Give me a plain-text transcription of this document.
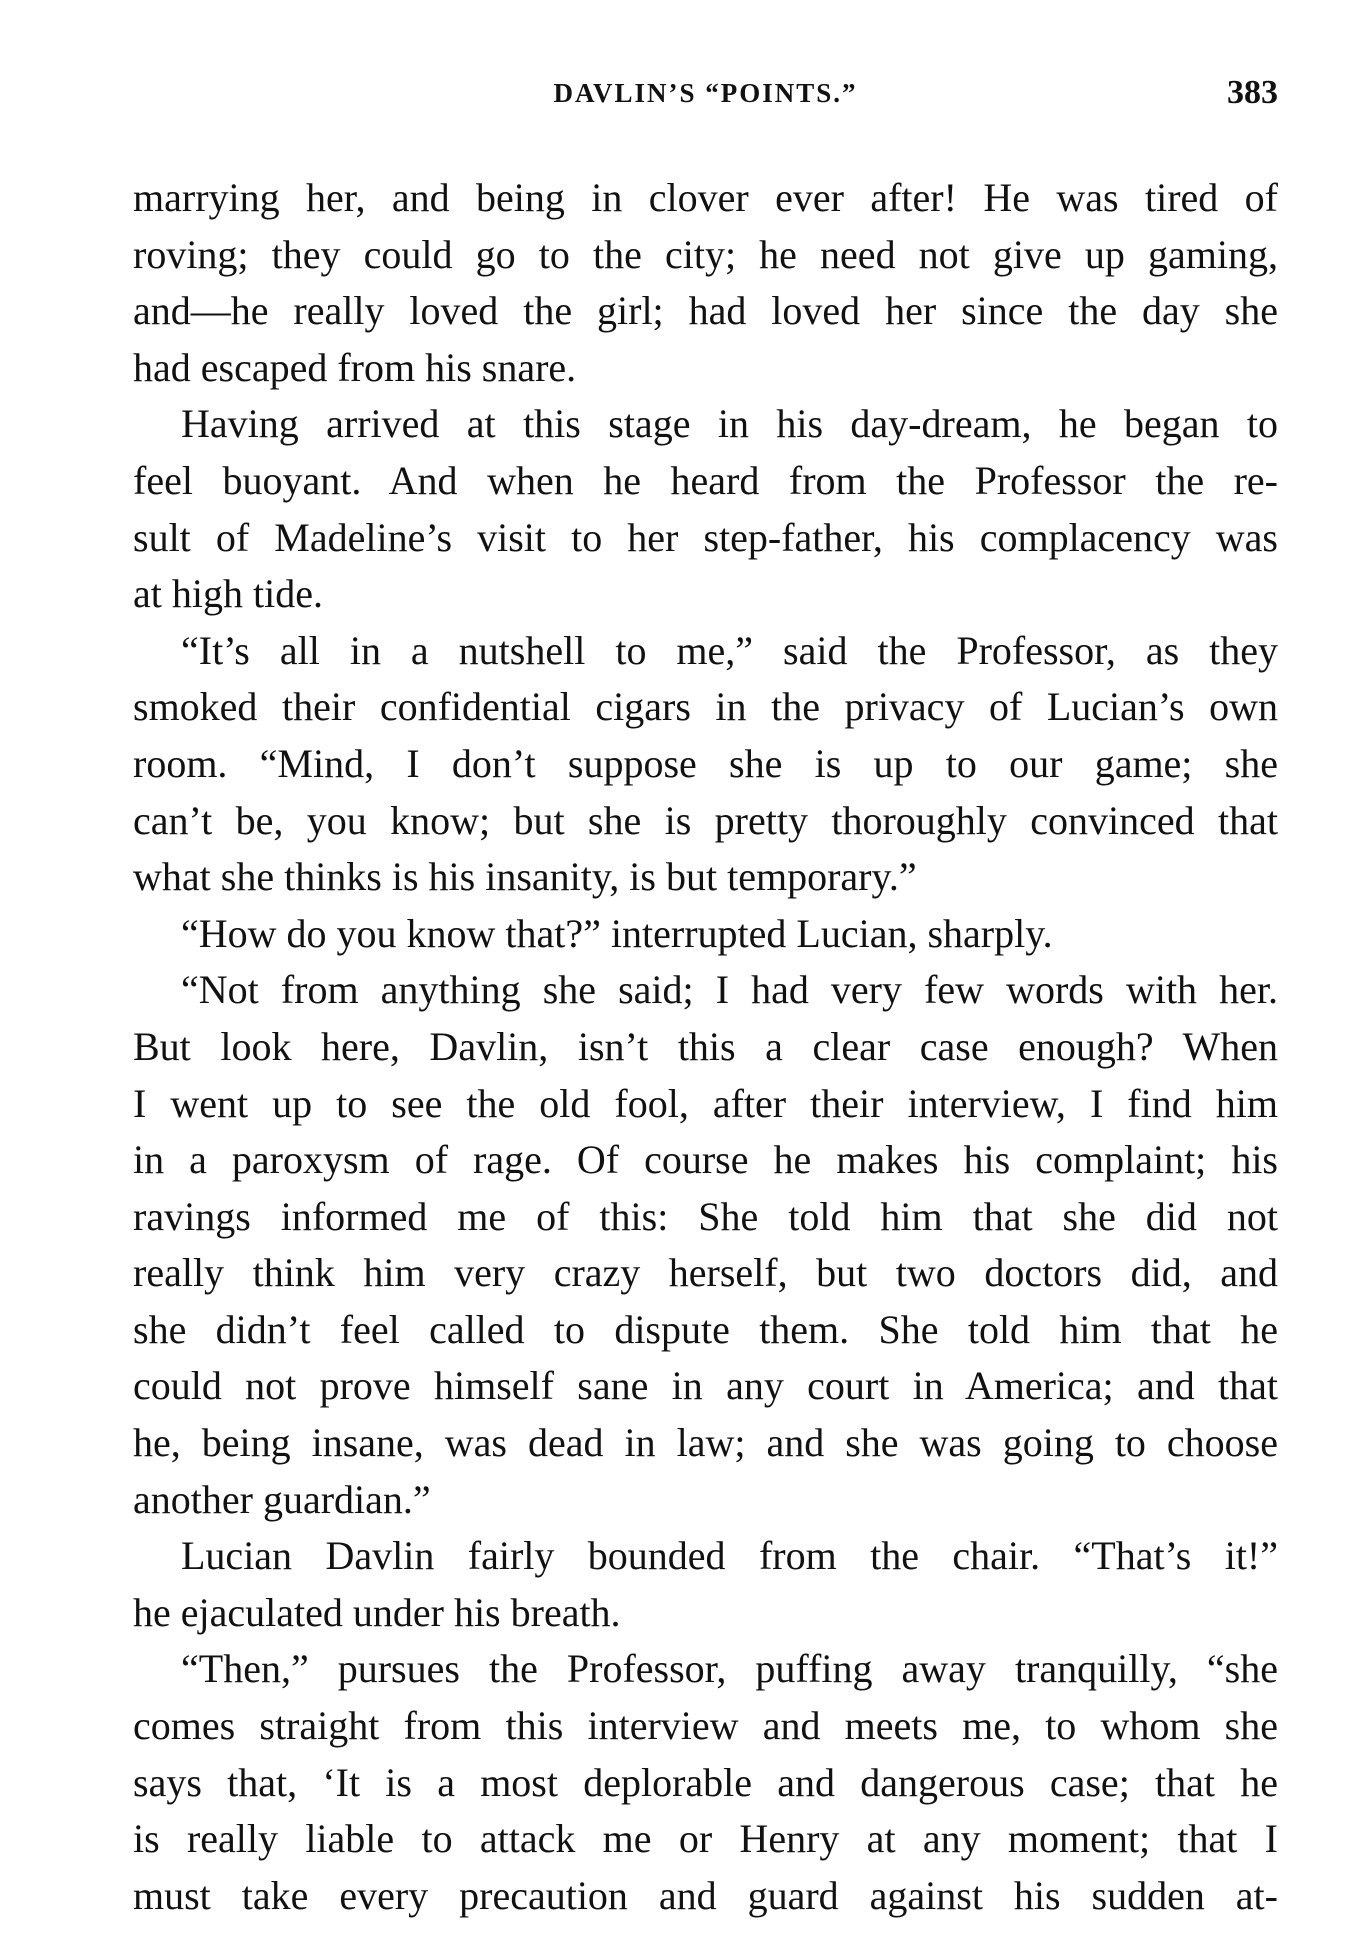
DAVLIN’S “POINTS.”	383
marrying her, and being in clover ever after! He was tired of
roving; they could go to the city; he need not give up gaming,
and—he really loved the girl; had loved her since the day she
had escaped from his snare.
Having arrived at this stage in his day-dream, he began to
feel buoyant. And when he heard from the Professor the re-
sult of Madeline’s visit to her step-father, his complacency was
at high tide.
“It’s all in a nutshell to me,” said the Professor, as they
smoked their confidential cigars in the privacy of Lucian’s own
room. “Mind, I don’t suppose she is up to our game; she
can’t be, you know; but she is pretty thoroughly convinced that
what she thinks is his insanity, is but temporary.”
“How do you know that?” interrupted Lucian, sharply.
“Not from anything she said; I had very few words with her.
But look here, Davlin, isn’t this a clear case enough? When
I went up to see the old fool, after their interview, I find him
in a paroxysm of rage. Of course he makes his complaint; his
ravings informed me of this: She told him that she did not
really think him very crazy herself, but two doctors did, and
she didn’t feel called to dispute them. She told him that he
could not prove himself sane in any court in America; and that
he, being insane, was dead in law; and she was going to choose
another guardian.”
Lucian Davlin fairly bounded from the chair. “That’s it!”
he ejaculated under his breath.
“Then,” pursues the Professor, puffing away tranquilly, “she
comes straight from this interview and meets me, to whom she
says that, ‘It is a most deplorable and dangerous case; that he
is really liable to attack me or Henry at any moment; that I
must take every precaution and guard against his sudden at-
